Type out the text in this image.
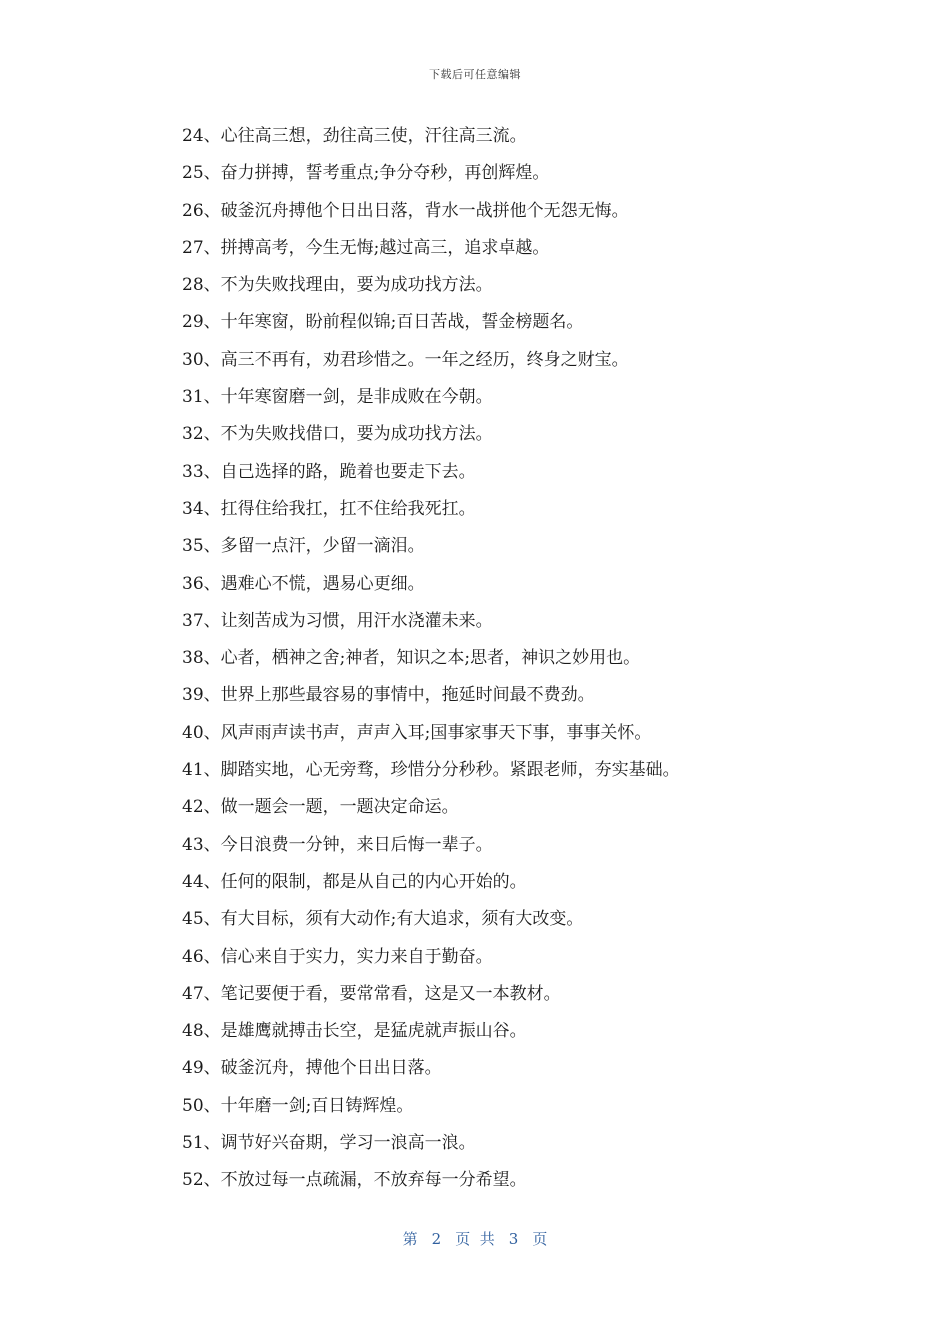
下载后可任意编辑
24、心往高三想，劲往高三使，汗往高三流。
25、奋力拼搏，誓考重点;争分夺秒，再创辉煌。
26、破釜沉舟搏他个日出日落，背水一战拼他个无怨无悔。
27、拼搏高考，今生无悔;越过高三，追求卓越。
28、不为失败找理由，要为成功找方法。
29、十年寒窗，盼前程似锦;百日苦战，誓金榜题名。
30、高三不再有，劝君珍惜之。一年之经历，终身之财宝。
31、十年寒窗磨一剑，是非成败在今朝。
32、不为失败找借口，要为成功找方法。
33、自己选择的路，跪着也要走下去。
34、扛得住给我扛，扛不住给我死扛。
35、多留一点汗，少留一滴泪。
36、遇难心不慌，遇易心更细。
37、让刻苦成为习惯，用汗水浇灌未来。
38、心者，栖神之舍;神者，知识之本;思者，神识之妙用也。
39、世界上那些最容易的事情中，拖延时间最不费劲。
40、风声雨声读书声，声声入耳;国事家事天下事，事事关怀。
41、脚踏实地，心无旁骛，珍惜分分秒秒。紧跟老师，夯实基础。
42、做一题会一题，一题决定命运。
43、今日浪费一分钟，来日后悔一辈子。
44、任何的限制，都是从自己的内心开始的。
45、有大目标，须有大动作;有大追求，须有大改变。
46、信心来自于实力，实力来自于勤奋。
47、笔记要便于看，要常常看，这是又一本教材。
48、是雄鹰就搏击长空，是猛虎就声振山谷。
49、破釜沉舟，搏他个日出日落。
50、十年磨一剑;百日铸辉煌。
51、调节好兴奋期，学习一浪高一浪。
52、不放过每一点疏漏，不放弃每一分希望。
第 2 页  共 3 页
